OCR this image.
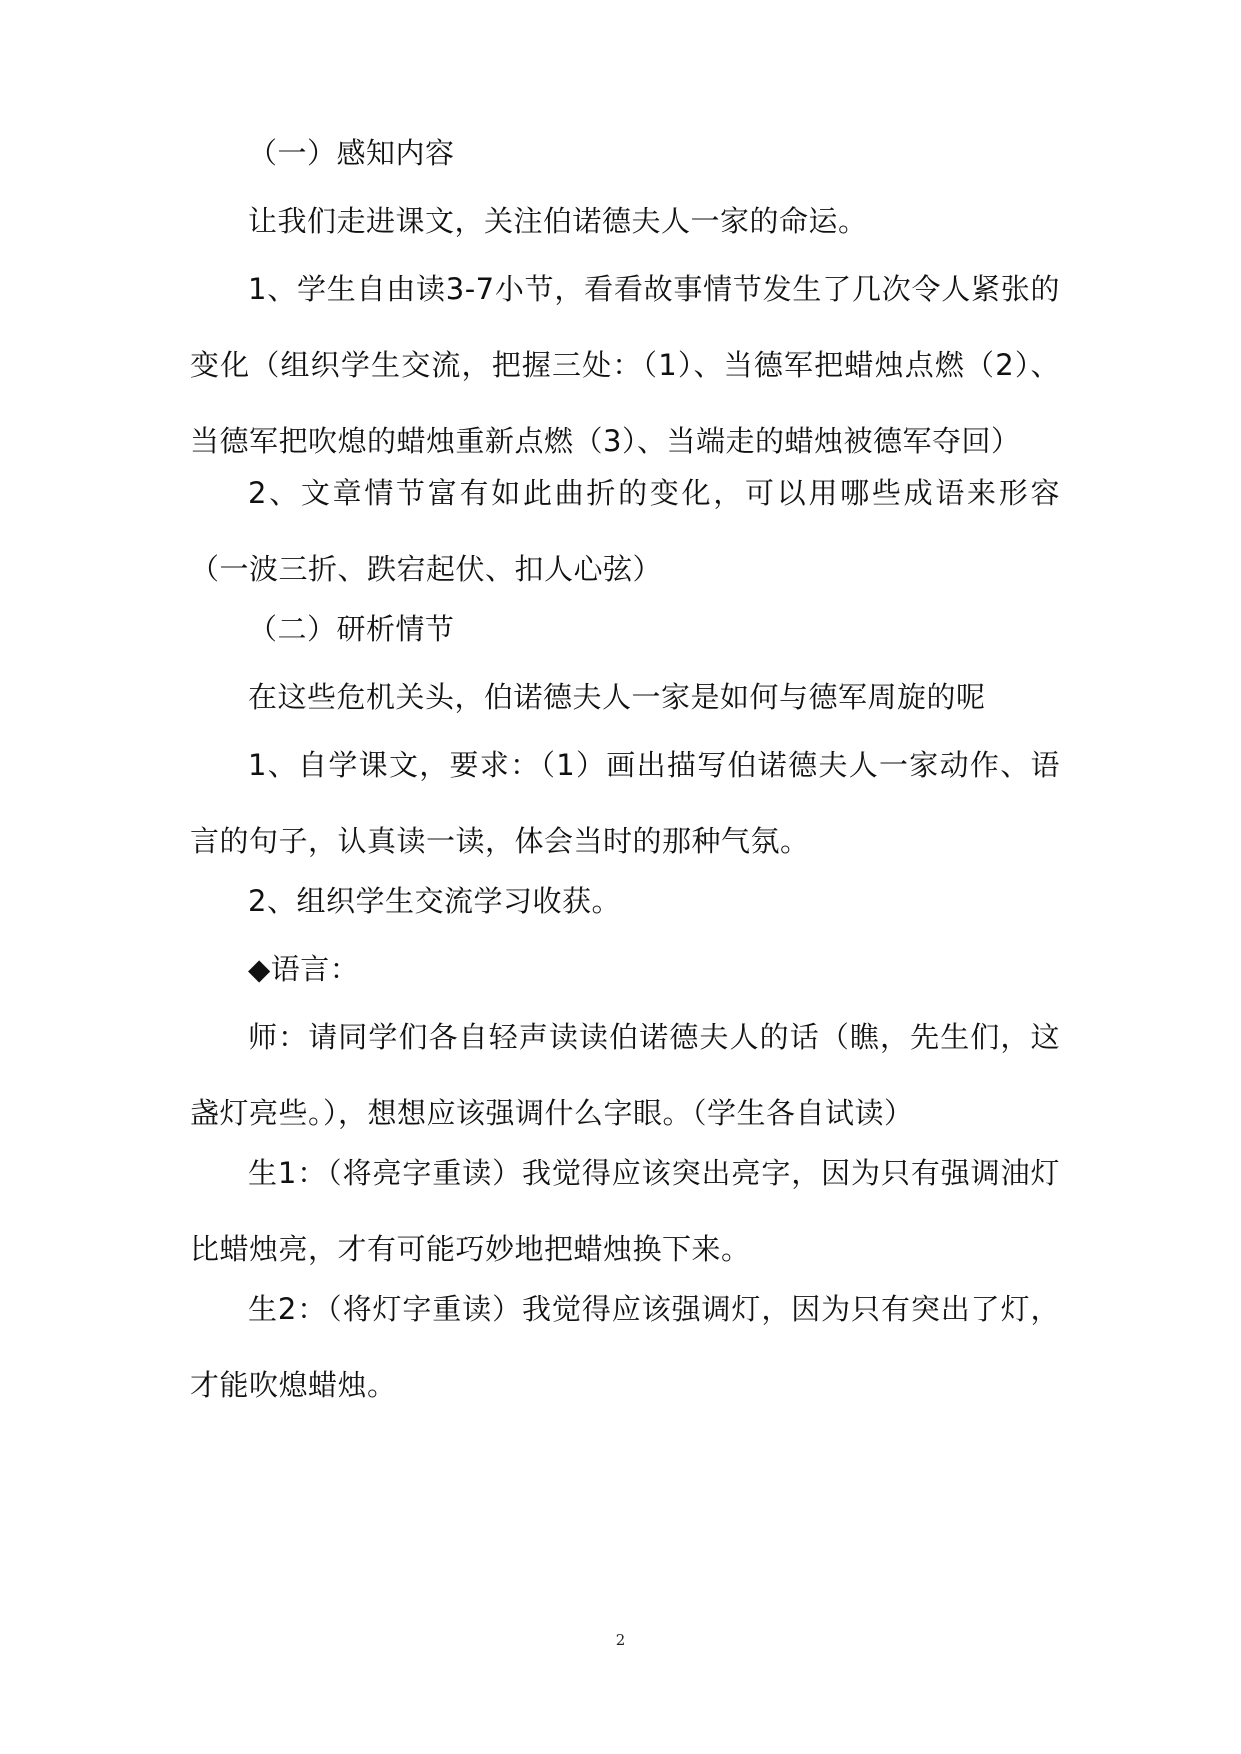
（一）感知内容

让我们走进课文，关注伯诺德夫人一家的命运。

1、学生自由读3-7小节，看看故事情节发生了几次令人紧张的变化（组织学生交流，把握三处：（1）、当德军把蜡烛点燃（2）、当德军把吹熄的蜡烛重新点燃（3）、当端走的蜡烛被德军夺回）

2、文章情节富有如此曲折的变化，可以用哪些成语来形容（一波三折、跌宕起伏、扣人心弦）

（二）研析情节

在这些危机关头，伯诺德夫人一家是如何与德军周旋的呢

1、自学课文，要求：（1）画出描写伯诺德夫人一家动作、语言的句子，认真读一读，体会当时的那种气氛。

2、组织学生交流学习收获。

◆语言：

师：请同学们各自轻声读读伯诺德夫人的话（瞧，先生们，这盏灯亮些。），想想应该强调什么字眼。（学生各自试读）

生1：（将亮字重读）我觉得应该突出亮字，因为只有强调油灯比蜡烛亮，才有可能巧妙地把蜡烛换下来。

生2：（将灯字重读）我觉得应该强调灯，因为只有突出了灯，才能吹熄蜡烛。

2
